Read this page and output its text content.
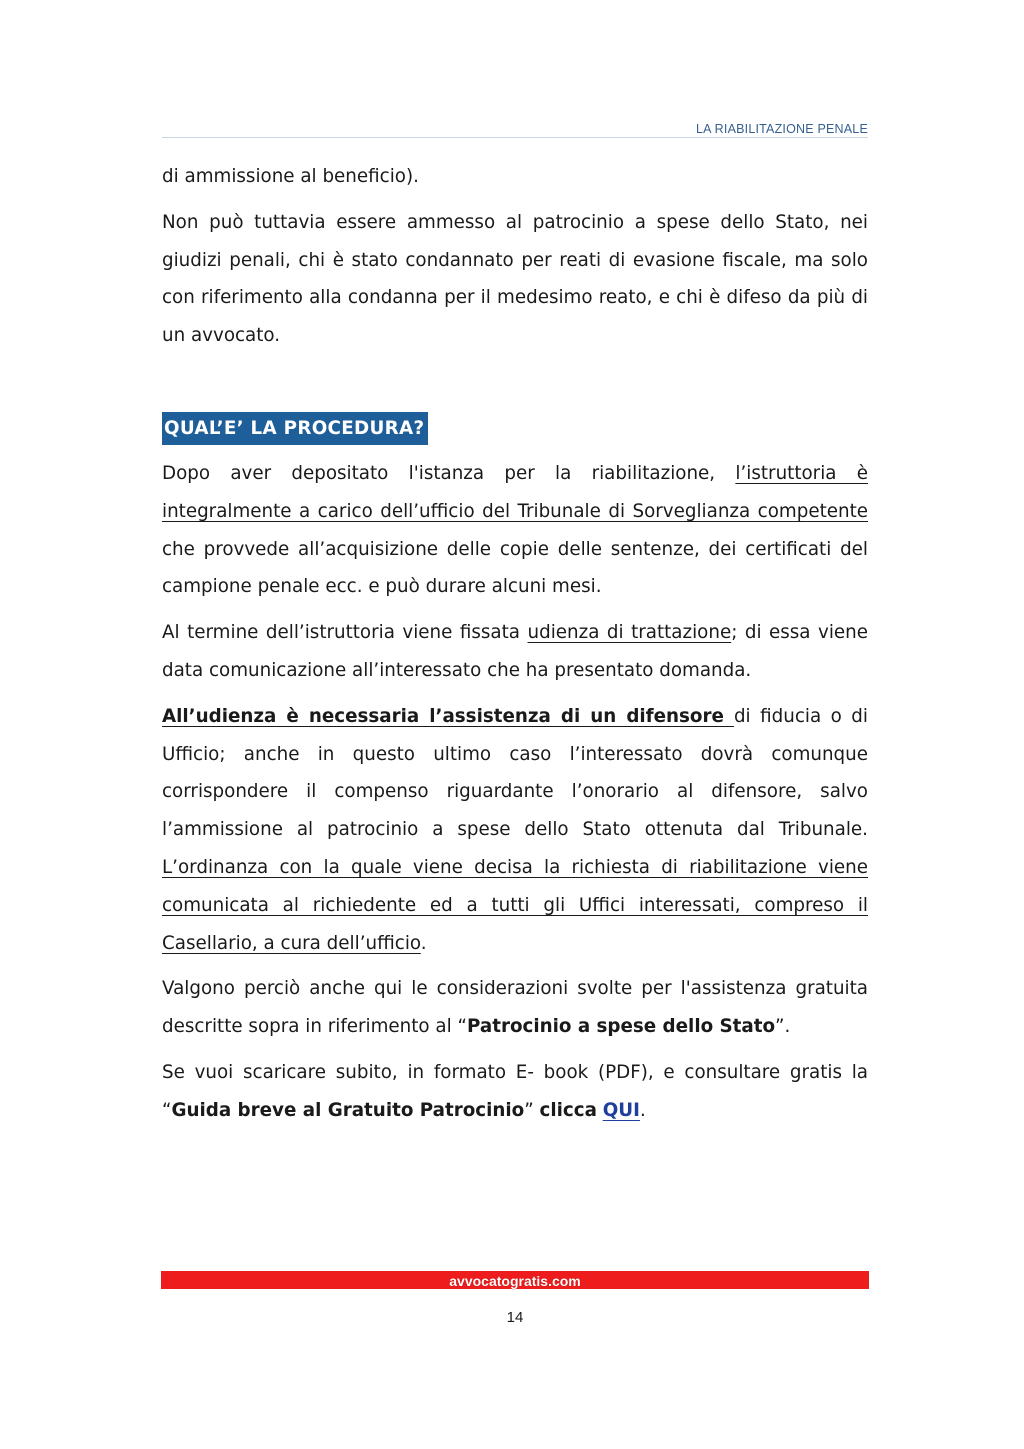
LA RIABILITAZIONE PENALE

di ammissione al beneficio).

Non può tuttavia essere ammesso al patrocinio a spese dello Stato, nei giudizi penali, chi è stato condannato per reati di evasione fiscale, ma solo con riferimento alla condanna per il medesimo reato, e chi è difeso da più di un avvocato.

QUAL’E’ LA PROCEDURA?

Dopo aver depositato l'istanza per la riabilitazione, l’istruttoria è integralmente a carico dell’ufficio del Tribunale di Sorveglianza competente che provvede all’acquisizione delle copie delle sentenze, dei certificati del campione penale ecc. e può durare alcuni mesi.

Al termine dell’istruttoria viene fissata udienza di trattazione; di essa viene data comunicazione all’interessato che ha presentato domanda.

All’udienza è necessaria l’assistenza di un difensore di fiducia o di Ufficio; anche in questo ultimo caso l’interessato dovrà comunque corrispondere il compenso riguardante l’onorario al difensore, salvo l’ammissione al patrocinio a spese dello Stato ottenuta dal Tribunale. L’ordinanza con la quale viene decisa la richiesta di riabilitazione viene comunicata al richiedente ed a tutti gli Uffici interessati, compreso il Casellario, a cura dell’ufficio.

Valgono perciò anche qui le considerazioni svolte per l'assistenza gratuita descritte sopra in riferimento al “Patrocinio a spese dello Stato”.

Se vuoi scaricare subito, in formato E- book (PDF), e consultare gratis la “Guida breve al Gratuito Patrocinio” clicca QUI.

avvocatogratis.com
14
